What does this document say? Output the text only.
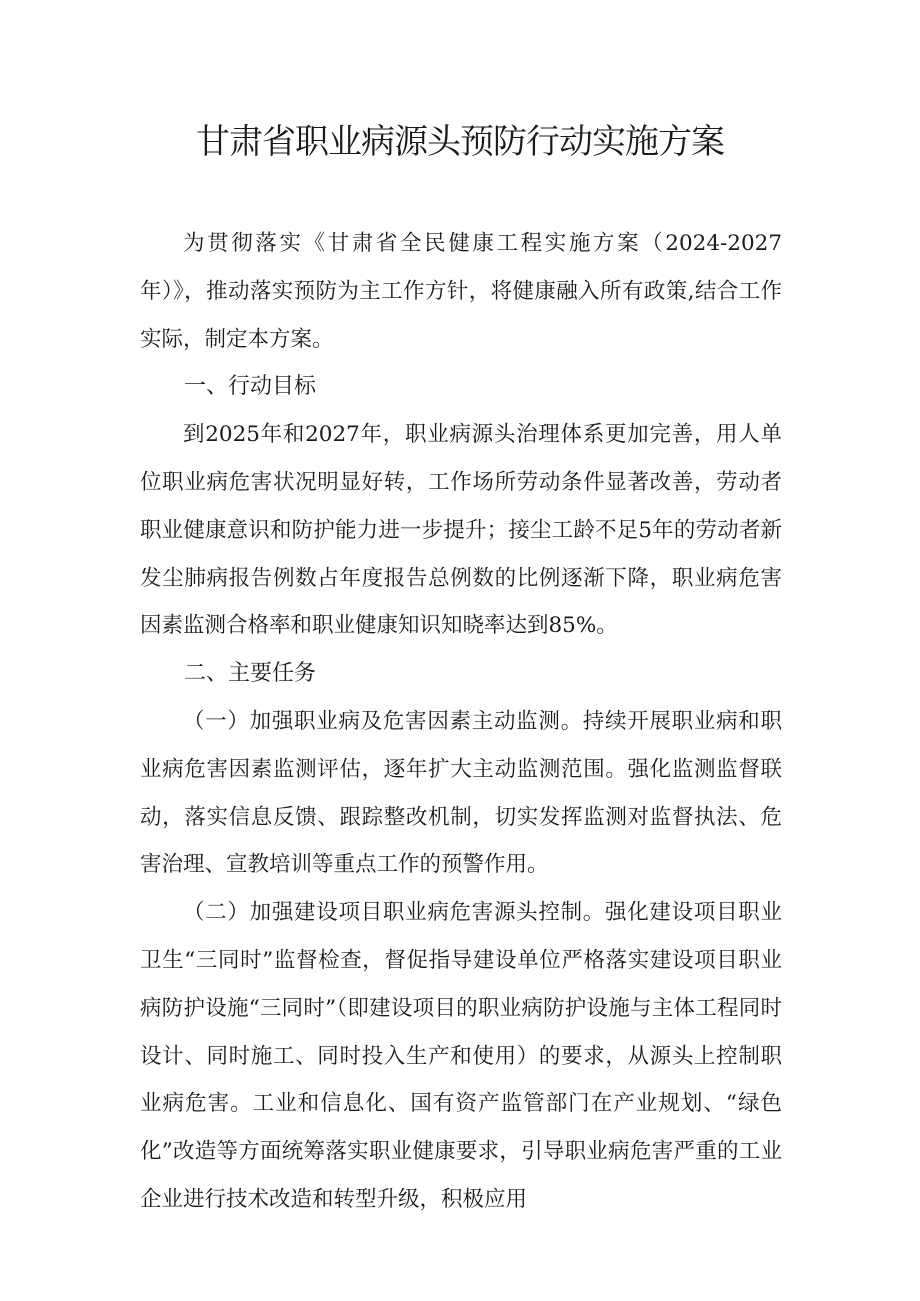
甘肃省职业病源头预防行动实施方案

为贯彻落实《甘肃省全民健康工程实施方案（2024-2027年）》，推动落实预防为主工作方针，将健康融入所有政策,结合工作实际，制定本方案。

一、行动目标

到2025年和2027年，职业病源头治理体系更加完善，用人单位职业病危害状况明显好转，工作场所劳动条件显著改善，劳动者职业健康意识和防护能力进一步提升；接尘工龄不足5年的劳动者新发尘肺病报告例数占年度报告总例数的比例逐渐下降，职业病危害因素监测合格率和职业健康知识知晓率达到85%。

二、主要任务

（一）加强职业病及危害因素主动监测。持续开展职业病和职业病危害因素监测评估，逐年扩大主动监测范围。强化监测监督联动，落实信息反馈、跟踪整改机制，切实发挥监测对监督执法、危害治理、宣教培训等重点工作的预警作用。

（二）加强建设项目职业病危害源头控制。强化建设项目职业卫生“三同时”监督检查，督促指导建设单位严格落实建设项目职业病防护设施“三同时”（即建设项目的职业病防护设施与主体工程同时设计、同时施工、同时投入生产和使用）的要求，从源头上控制职业病危害。工业和信息化、国有资产监管部门在产业规划、“绿色化”改造等方面统筹落实职业健康要求，引导职业病危害严重的工业企业进行技术改造和转型升级，积极应用
